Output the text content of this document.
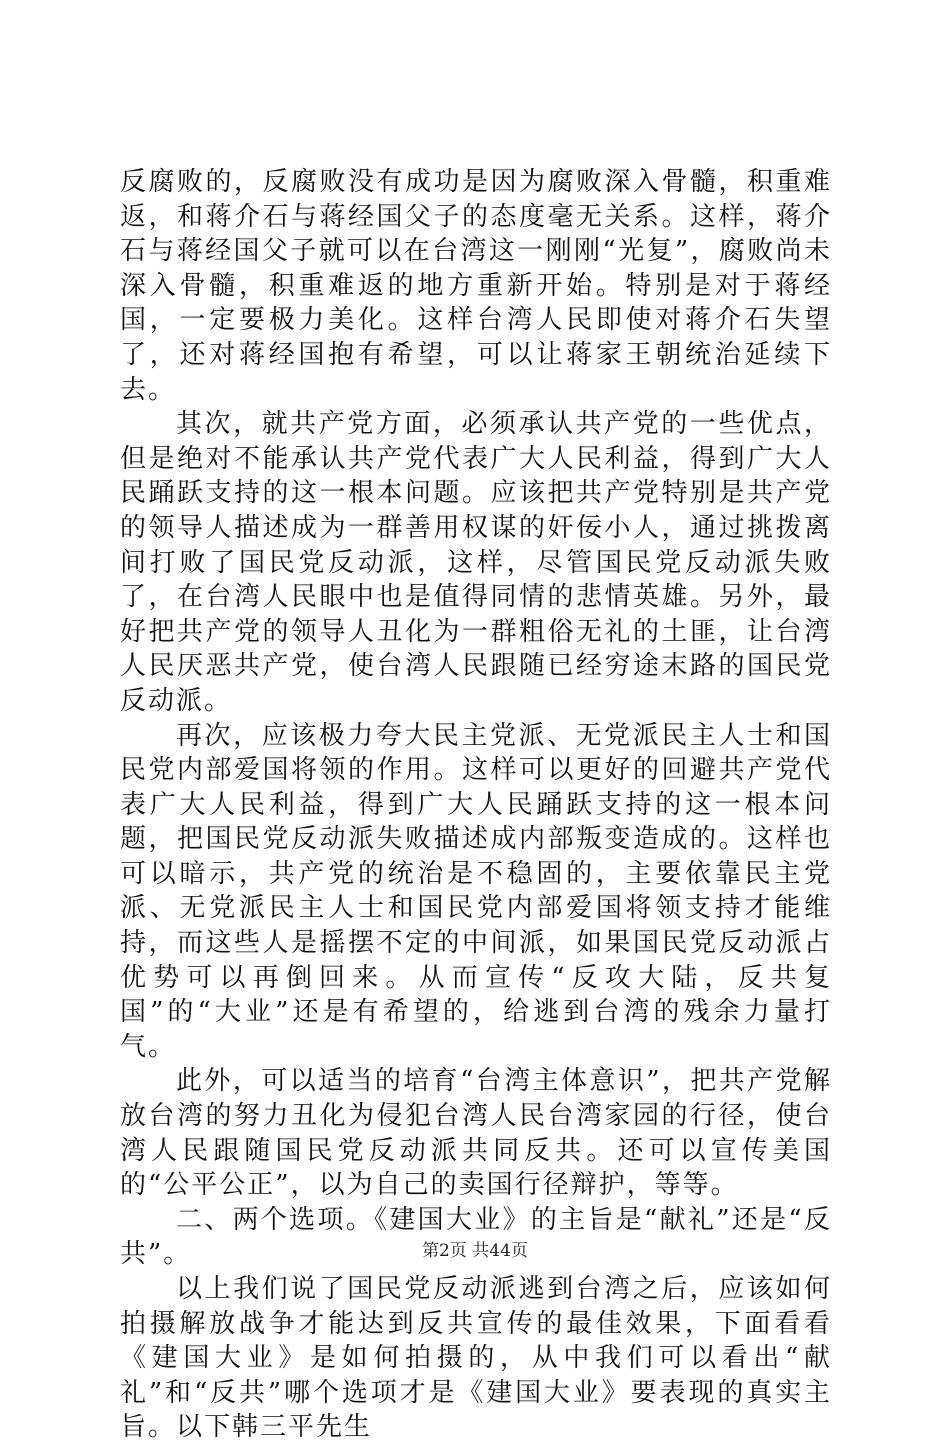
反腐败的，反腐败没有成功是因为腐败深入骨髓，积重难返，和蒋介石与蒋经国父子的态度毫无关系。这样，蒋介石与蒋经国父子就可以在台湾这一刚刚“光复”，腐败尚未深入骨髓，积重难返的地方重新开始。特别是对于蒋经国，一定要极力美化。这样台湾人民即使对蒋介石失望了，还对蒋经国抱有希望，可以让蒋家王朝统治延续下去。

其次，就共产党方面，必须承认共产党的一些优点，但是绝对不能承认共产党代表广大人民利益，得到广大人民踊跃支持的这一根本问题。应该把共产党特别是共产党的领导人描述成为一群善用权谋的奸佞小人，通过挑拨离间打败了国民党反动派，这样，尽管国民党反动派失败了，在台湾人民眼中也是值得同情的悲情英雄。另外，最好把共产党的领导人丑化为一群粗俗无礼的土匪，让台湾人民厌恶共产党，使台湾人民跟随已经穷途末路的国民党反动派。

再次，应该极力夸大民主党派、无党派民主人士和国民党内部爱国将领的作用。这样可以更好的回避共产党代表广大人民利益，得到广大人民踊跃支持的这一根本问题，把国民党反动派失败描述成内部叛变造成的。这样也可以暗示，共产党的统治是不稳固的，主要依靠民主党派、无党派民主人士和国民党内部爱国将领支持才能维持，而这些人是摇摆不定的中间派，如果国民党反动派占优势可以再倒回来。从而宣传“反攻大陆，反共复国”的“大业”还是有希望的，给逃到台湾的残余力量打气。

此外，可以适当的培育“台湾主体意识”，把共产党解放台湾的努力丑化为侵犯台湾人民台湾家园的行径，使台湾人民跟随国民党反动派共同反共。还可以宣传美国的“公平公正”，以为自己的卖国行径辩护，等等。

二、两个选项。《建国大业》的主旨是“献礼”还是“反共”。

以上我们说了国民党反动派逃到台湾之后，应该如何拍摄解放战争才能达到反共宣传的最佳效果，下面看看《建国大业》是如何拍摄的，从中我们可以看出“献礼”和“反共”哪个选项才是《建国大业》要表现的真实主旨。以下韩三平先生

第2页 共44页
